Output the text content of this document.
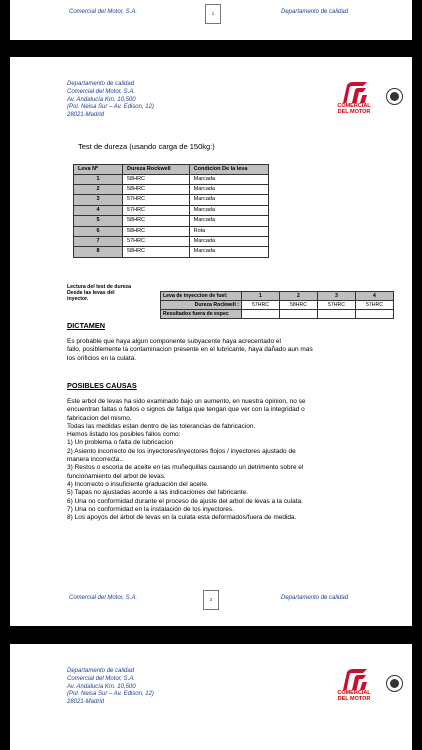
Comercial del Motor, S.A.	1	Departamento de calidad
Departamento de calidad
Comercial del Motor, S.A.
Av. Andalucía Km. 10,500
(Pol. Neisa Sur – Av. Edison, 12)
28021-Madrid
COMERCIAL
DEL MOTOR
Test de dureza (usando carga de 150kg:)
Leva Nº	Dureza Rockwell	Condicion De la leva
1	58HRC	Marcada
2	58HRC	Marcada
3	57HRC	Marcada
4	57HRC	Marcada
5	58HRC	Marcada
6	58HRC	Rota
7	57HRC	Marcada
8	58HRC	Marcada
Lectura del test de dureza
Desde las levas del
inyector.	Leva de inyeccion de fuel:	1	2	3	4
Dureza Rockwell :	57HRC	58HRC	57HRC	57HRC
Resultados fuera de espec				
DICTAMEN
Es probable que haya algun componente subyacente haya acrecentado el
fallo, posiblemente la contaminacion presente en el lubricante, haya dañado aun mas
los orificios en la culata.
POSIBLES CAUSAS
Este arbol de levas ha sido examinado bajo un aumento, en nuestra opinion, no se
encuentran faltas o fallos o signos de fatiga que tengan que ver con la integridad o
fabricacion del mismo.
Todas las medidas estan dentro de las tolerancias de fabricacion.
Hemos listado los posibles fallos como:
1) Un problema o falta de lubricacion
2) Asiento incorrecto de los inyectores/inyectores flojos / inyectores ajustado de
manera incorrecta..
3) Restos o escoria de aceite en las muñequillas causando un detrimento sobre el
funcionamiento del arbol de levas.
4) Incorrecto o insuficiente graduación del aceite.
5) Tapas no ajustadas acorde a las indicaciones del fabricante.
6) Una no conformidad durante el proceso de ajuste del arbol de levas a la culata.
7) Una no conformidad en la instalación de los inyectores.
8) Los apoyos del árbol de levas en la culata esta deformados/fuera de medida.
Comercial del Motor, S.A.	2	Departamento de calidad
Departamento de calidad
Comercial del Motor, S.A.
Av. Andalucía Km. 10,500
(Pol. Neisa Sur – Av. Edison, 12)
28021-Madrid
COMERCIAL
DEL MOTOR
